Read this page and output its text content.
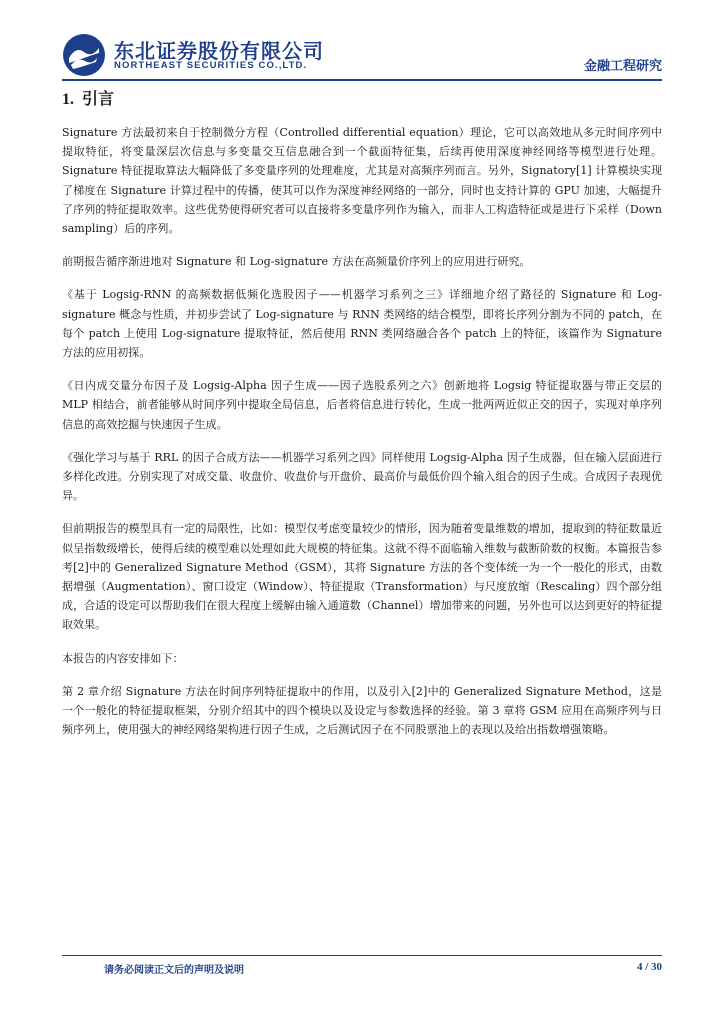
东北证券股份有限公司
NORTHEAST SECURITIES CO.,LTD.	金融工程研究
1. 引言

Signature 方法最初来自于控制微分方程（Controlled differential equation）理论，它可以高效地从多元时间序列中提取特征，将变量深层次信息与多变量交互信息融合到一个截面特征集，后续再使用深度神经网络等模型进行处理。Signature 特征提取算法大幅降低了多变量序列的处理难度，尤其是对高频序列而言。另外，Signatory[1] 计算模块实现了梯度在 Signature 计算过程中的传播，使其可以作为深度神经网络的一部分，同时也支持计算的 GPU 加速，大幅提升了序列的特征提取效率。这些优势使得研究者可以直接将多变量序列作为输入，而非人工构造特征或是进行下采样（Down sampling）后的序列。

前期报告循序渐进地对 Signature 和 Log-signature 方法在高频量价序列上的应用进行研究。

《基于 Logsig-RNN 的高频数据低频化选股因子——机器学习系列之三》详细地介绍了路径的 Signature 和 Log-signature 概念与性质，并初步尝试了 Log-signature 与 RNN 类网络的结合模型，即将长序列分割为不同的 patch，在每个 patch 上使用 Log-signature 提取特征，然后使用 RNN 类网络融合各个 patch 上的特征，该篇作为 Signature 方法的应用初探。

《日内成交量分布因子及 Logsig-Alpha 因子生成——因子选股系列之六》创新地将 Logsig 特征提取器与带正交层的 MLP 相结合，前者能够从时间序列中提取全局信息，后者将信息进行转化，生成一批两两近似正交的因子，实现对单序列信息的高效挖掘与快速因子生成。

《强化学习与基于 RRL 的因子合成方法——机器学习系列之四》同样使用 Logsig-Alpha 因子生成器，但在输入层面进行多样化改进。分别实现了对成交量、收盘价、收盘价与开盘价、最高价与最低价四个输入组合的因子生成。合成因子表现优异。

但前期报告的模型具有一定的局限性，比如：模型仅考虑变量较少的情形，因为随着变量维数的增加，提取到的特征数量近似呈指数级增长，使得后续的模型难以处理如此大规模的特征集。这就不得不面临输入维数与截断阶数的权衡。本篇报告参考[2]中的 Generalized Signature Method（GSM），其将 Signature 方法的各个变体统一为一个一般化的形式，由数据增强（Augmentation）、窗口设定（Window）、特征提取（Transformation）与尺度放缩（Rescaling）四个部分组成，合适的设定可以帮助我们在很大程度上缓解由输入通道数（Channel）增加带来的问题，另外也可以达到更好的特征提取效果。

本报告的内容安排如下：

第 2 章介绍 Signature 方法在时间序列特征提取中的作用，以及引入[2]中的 Generalized Signature Method，这是一个一般化的特征提取框架，分别介绍其中的四个模块以及设定与参数选择的经验。第 3 章将 GSM 应用在高频序列与日频序列上，使用强大的神经网络架构进行因子生成，之后测试因子在不同股票池上的表现以及给出指数增强策略。

请务必阅读正文后的声明及说明	4 / 30
